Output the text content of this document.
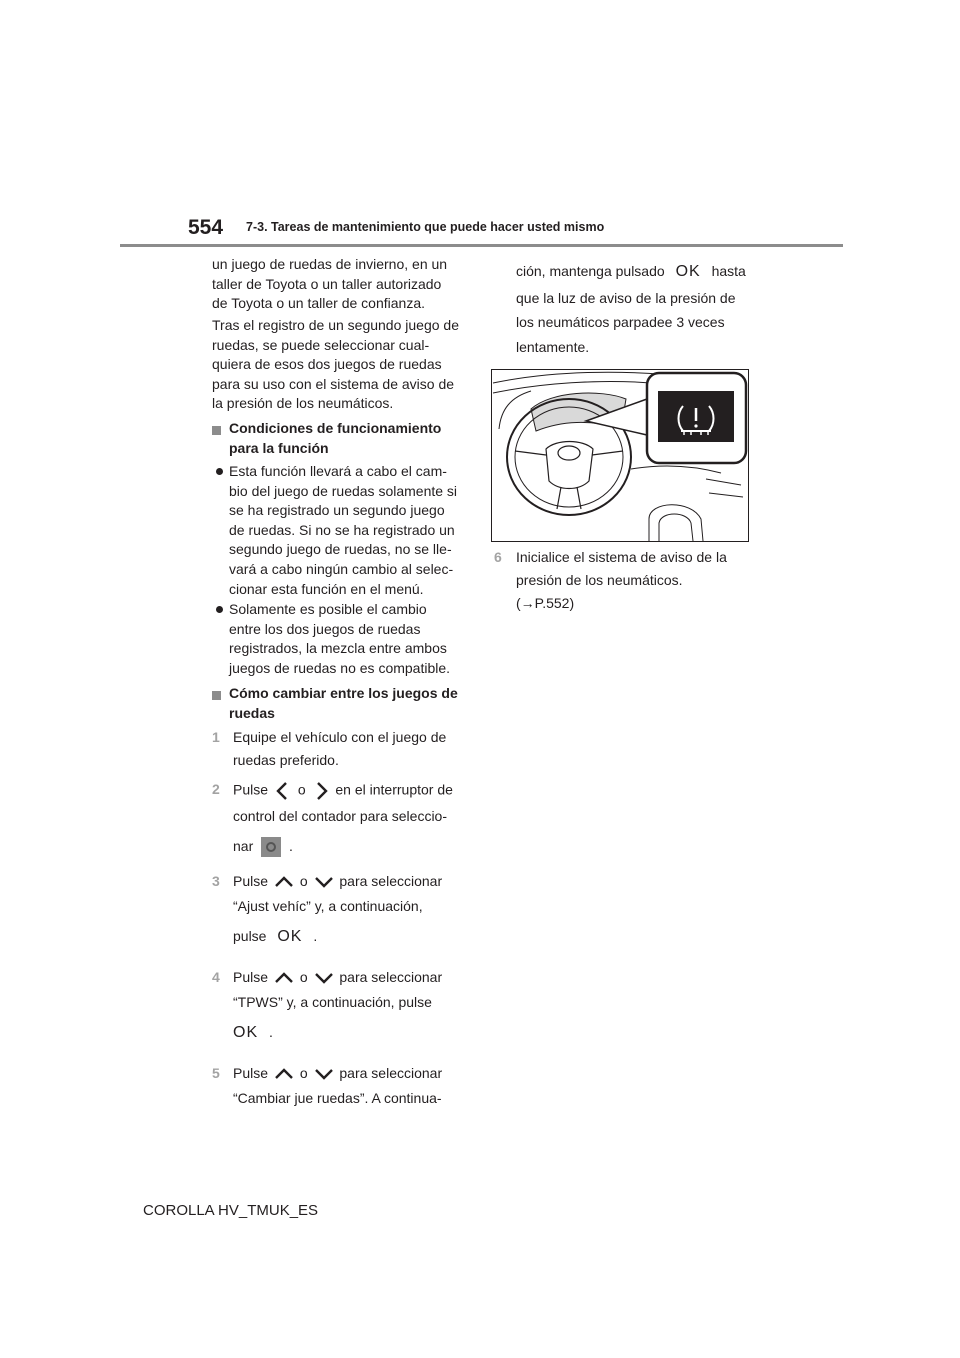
554 7-3. Tareas de mantenimiento que puede hacer usted mismo

un juego de ruedas de invierno, en un

taller de Toyota o un taller autorizado

de Toyota o un taller de confianza.

Tras el registro de un segundo juego de

ruedas, se puede seleccionar cual-

quiera de esos dos juegos de ruedas

para su uso con el sistema de aviso de

la presión de los neumáticos.

Condiciones de funcionamiento

para la función

Esta función llevará a cabo el cam-

bio del juego de ruedas solamente si

se ha registrado un segundo juego

de ruedas. Si no se ha registrado un

segundo juego de ruedas, no se lle-

vará a cabo ningún cambio al selec-

cionar esta función en el menú.

Solamente es posible el cambio

entre los dos juegos de ruedas

registrados, la mezcla entre ambos

juegos de ruedas no es compatible.

Cómo cambiar entre los juegos de

ruedas

1 Equipe el vehículo con el juego de

ruedas preferido.

2 Pulse o en el interruptor de

control del contador para seleccio-

nar	.

3 Pulse o para seleccionar

“Ajust vehíc” y, a continuación,

pulse OK .

4 Pulse o para seleccionar

“TPWS” y, a continuación, pulse

OK .

5 Pulse o para seleccionar

“Cambiar jue ruedas”. A continua-

ción, mantenga pulsado OK hasta

que la luz de aviso de la presión de

los neumáticos parpadee 3 veces

lentamente.

6	Inicialice el sistema de aviso de la

presión de los neumáticos.

(→P.552)

COROLLA HV_TMUK_ES
